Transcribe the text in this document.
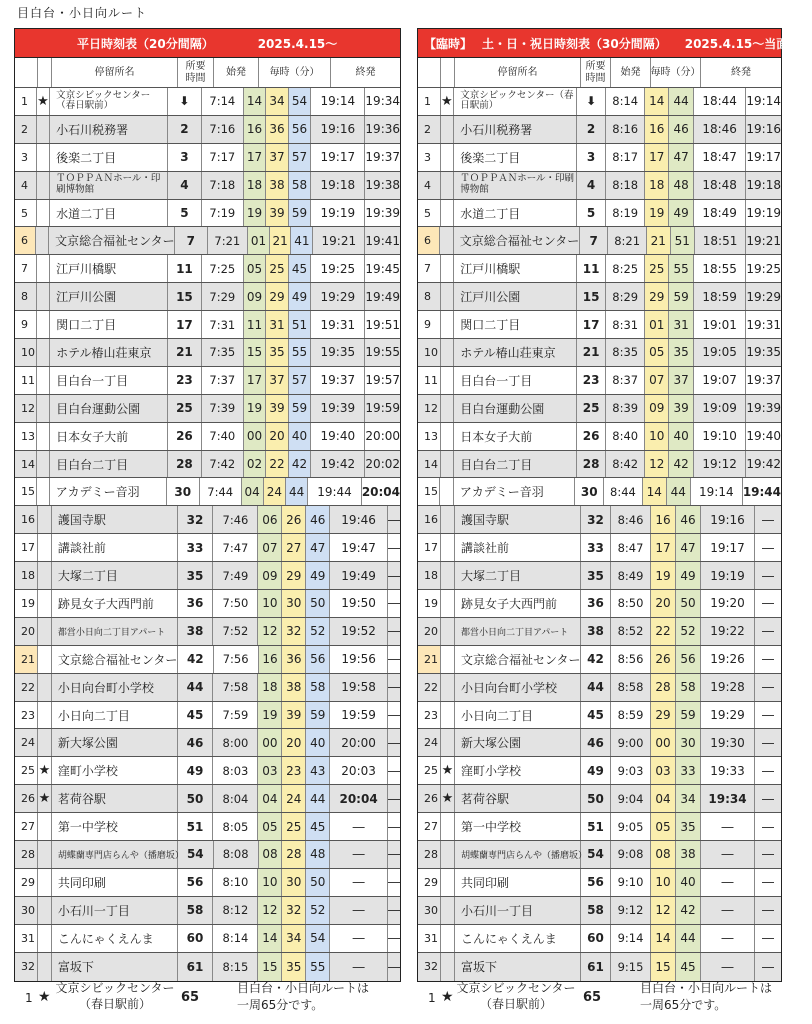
目白台・小日向ルート
平日時刻表（20分間隔）	2025.4.15～
停留所名
所要
時間
始発	毎時（分）	終発
1 ★ 文京シビックセンター（春日駅前）	⬇	7:14 14 34 54	19:14 19:34
2	小石川税務署	2	7:16 16 36 56	19:16 19:36
3	後楽二丁目	3	7:17 17 37 57	19:17 19:37
4	ＴＯＰＰＡＮホール・印刷博物館	4	7:18 18 38 58	19:18 19:38
5	水道二丁目	5	7:19 19 39 59	19:19 19:39
6	文京総合福祉センター	7	7:21 01 21 41	19:21 19:41
7	江戸川橋駅	11	7:25 05 25 45	19:25 19:45
8	江戸川公園	15	7:29 09 29 49	19:29 19:49
9	関口二丁目	17	7:31 11 31 51	19:31 19:51
10	ホテル椿山荘東京	21	7:35 15 35 55	19:35 19:55
11	目白台一丁目	23	7:37 17 37 57	19:37 19:57
12	目白台運動公園	25	7:39 19 39 59	19:39 19:59
13	日本女子大前	26	7:40 00 20 40	19:40 20:00
14	目白台二丁目	28	7:42 02 22 42	19:42 20:02
15	アカデミー音羽	30	7:44 04 24 44	19:44 20:04
16	護国寺駅	32	7:46	06 26 46	19:46	―
17	講談社前	33	7:47	07 27 47	19:47	―
18	大塚二丁目	35	7:49	09 29 49	19:49	―
19	跡見女子大西門前	36	7:50	10 30 50	19:50	―
20	都営小日向二丁目アパート	38	7:52	12 32 52	19:52	―
21	文京総合福祉センター 42	7:56	16 36 56	19:56	―
22	小日向台町小学校	44	7:58	18 38 58	19:58	―
23	小日向二丁目	45	7:59	19 39 59	19:59	―
24	新大塚公園	46	8:00	00 20 40	20:00	―
25 ★ 窪町小学校	49	8:03	03 23 43	20:03	―
26 ★ 茗荷谷駅	50	8:04	04 24 44	20:04 ―
27	第一中学校	51	8:05	05 25 45	―	―
28	胡蝶蘭専門店らんや（播磨坂） 54	8:08	08 28 48	―	―
29	共同印刷	56	8:10	10 30 50	―	―
30	小石川一丁目	58	8:12	12 32 52	―	―
31	こんにゃくえんま	60	8:14	14 34 54	―	―
32	富坂下	61	8:15	15 35 55	―	―
【臨時】 土・日・祝日時刻表（30分間隔） 2025.4.15～当面の間
停留所名
所要
時間
始発	毎時（分）	終発
1 ★ 文京シビックセンター（春日駅前）	⬇	8:14 14 44	18:44 19:14
2	小石川税務署	2	8:16 16 46	18:46 19:16
3	後楽二丁目	3	8:17 17 47	18:47 19:17
4	ＴＯＰＰＡＮホール・印刷博物館	4	8:18 18 48	18:48 19:18
5	水道二丁目	5	8:19 19 49	18:49 19:19
6	文京総合福祉センター 7	8:21 21 51	18:51 19:21
7	江戸川橋駅	11	8:25 25 55	18:55 19:25
8	江戸川公園	15	8:29 29 59	18:59 19:29
9	関口二丁目	17	8:31 01 31	19:01 19:31
10	ホテル椿山荘東京	21	8:35 05 35	19:05 19:35
11	目白台一丁目	23	8:37 07 37	19:07 19:37
12	目白台運動公園	25	8:39 09 39	19:09 19:39
13	日本女子大前	26	8:40 10 40	19:10 19:40
14	目白台二丁目	28	8:42 12 42	19:12 19:42
15	アカデミー音羽	30	8:44 14 44	19:14 19:44
16	護国寺駅	32	8:46 16 46	19:16	―
17	講談社前	33	8:47 17 47	19:17	―
18	大塚二丁目	35	8:49 19 49	19:19	―
19	跡見女子大西門前	36	8:50 20 50	19:20	―
20	都営小日向二丁目アパート	38	8:52 22 52	19:22	―
21	文京総合福祉センター 42	8:56 26 56	19:26	―
22	小日向台町小学校	44	8:58 28 58	19:28	―
23	小日向二丁目	45	8:59 29 59	19:29	―
24	新大塚公園	46	9:00 00 30	19:30	―
25 ★ 窪町小学校	49	9:03 03 33	19:33	―
26 ★ 茗荷谷駅	50	9:04 04 34	19:34	―
27	第一中学校	51	9:05 05 35	―	―
28	胡蝶蘭専門店らんや（播磨坂） 54	9:08 08 38	―	―
29	共同印刷	56	9:10 10 40	―	―
30	小石川一丁目	58	9:12 12 42	―	―
31	こんにゃくえんま	60	9:14 14 44	―	―
32	富坂下	61	9:15 15 45	―	―
1 ★
文京シビックセンター
（春日駅前）	65
目白台・小日向ルートは
一周65分です。
1 ★
文京シビックセンター
（春日駅前）	65
目白台・小日向ルートは
一周65分です。
